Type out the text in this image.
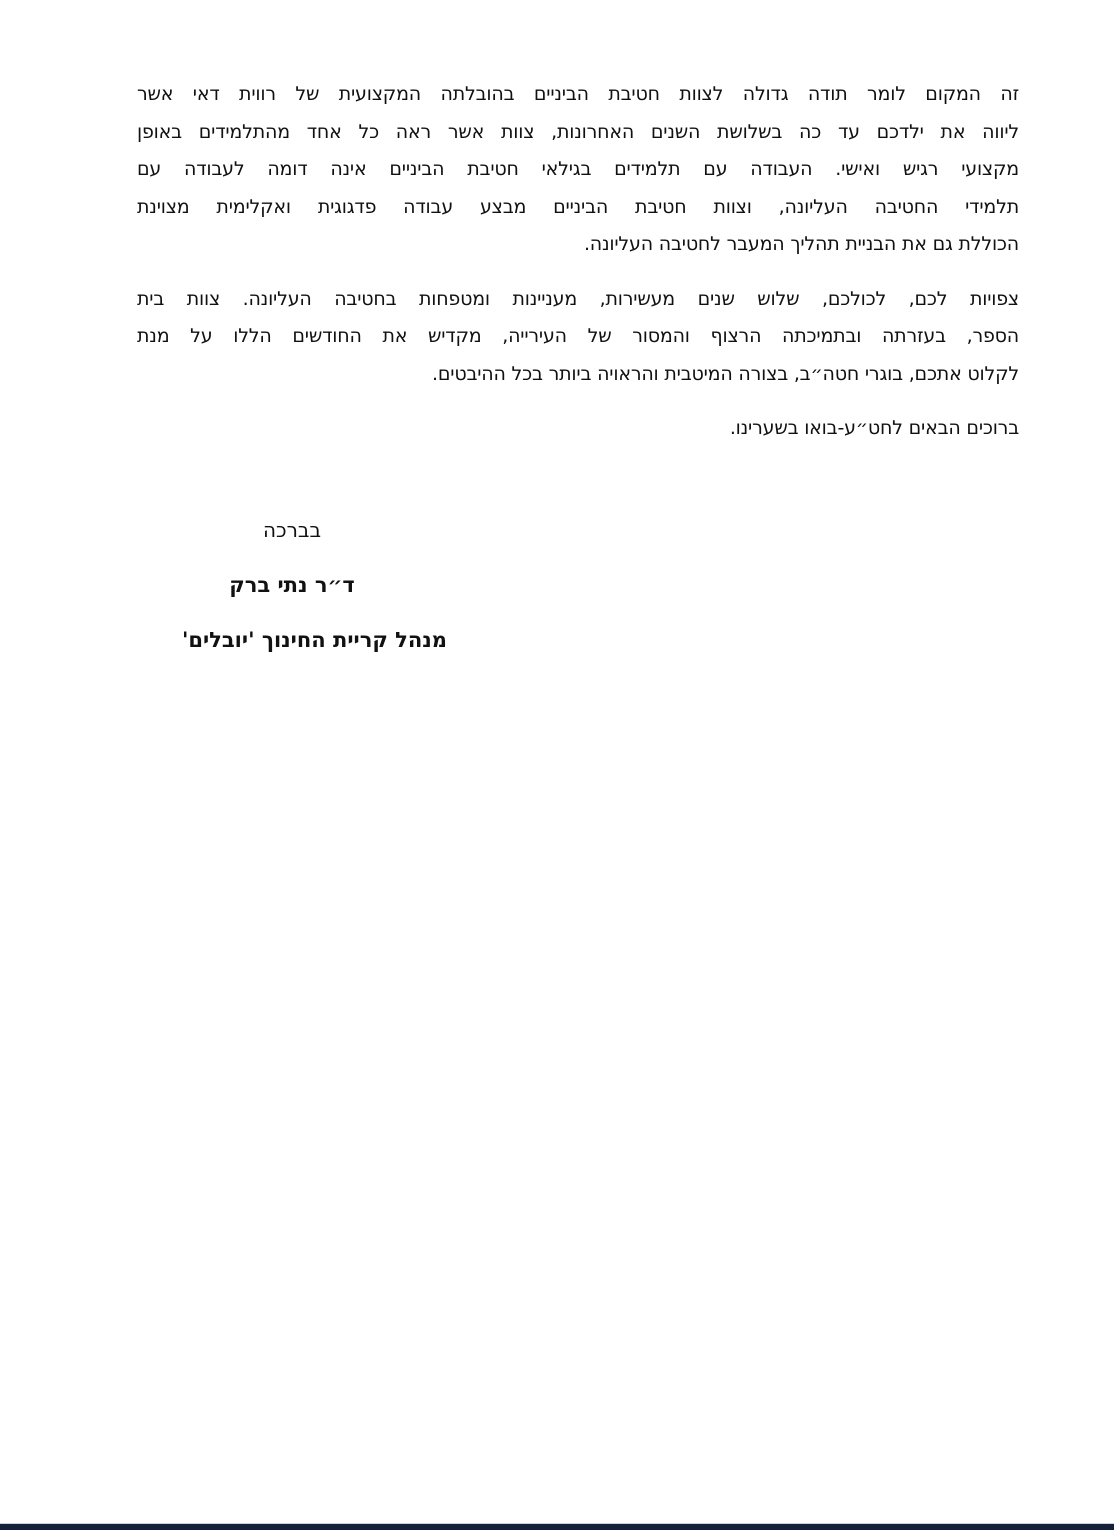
זה המקום לומר תודה גדולה לצוות חטיבת הביניים בהובלתה המקצועית של רווית דאי אשר
ליווה את ילדכם עד כה בשלושת השנים האחרונות, צוות אשר ראה כל אחד מהתלמידים באופן
מקצועי רגיש ואישי. העבודה עם תלמידים בגילאי חטיבת הביניים אינה דומה לעבודה עם
תלמידי החטיבה העליונה, וצוות חטיבת הביניים מבצע עבודה פדגוגית ואקלימית מצוינת
הכוללת גם את הבניית תהליך המעבר לחטיבה העליונה.

צפויות לכם, לכולכם, שלוש שנים מעשירות, מעניינות ומטפחות בחטיבה העליונה. צוות בית
הספר, בעזרתה ובתמיכתה הרצוף והמסור של העירייה, מקדיש את החודשים הללו על מנת
לקלוט אתכם, בוגרי חטה״ב, בצורה המיטבית והראויה ביותר בכל ההיבטים.

ברוכים הבאים לחט״ע-בואו בשערינו.

בברכה
ד״ר נתי ברק
מנהל קריית החינוך 'יובלים'
